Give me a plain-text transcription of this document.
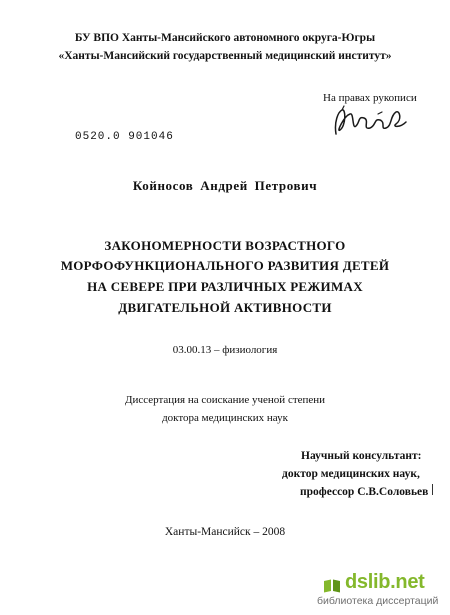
БУ ВПО Ханты-Мансийского автономного округа-Югры
«Ханты-Мансийский государственный медицинский институт»
На правах рукописи
0520.0 901046
Койносов Андрей Петрович
ЗАКОНОМЕРНОСТИ ВОЗРАСТНОГО
МОРФОФУНКЦИОНАЛЬНОГО РАЗВИТИЯ ДЕТЕЙ
НА СЕВЕРЕ ПРИ РАЗЛИЧНЫХ РЕЖИМАХ
ДВИГАТЕЛЬНОЙ АКТИВНОСТИ
03.00.13 – физиология
Диссертация на соискание ученой степени
доктора медицинских наук
Научный консультант:
доктор медицинских наук,
профессор С.В.Соловьев
Ханты-Мансийск – 2008
dslib.net
библиотека диссертаций
